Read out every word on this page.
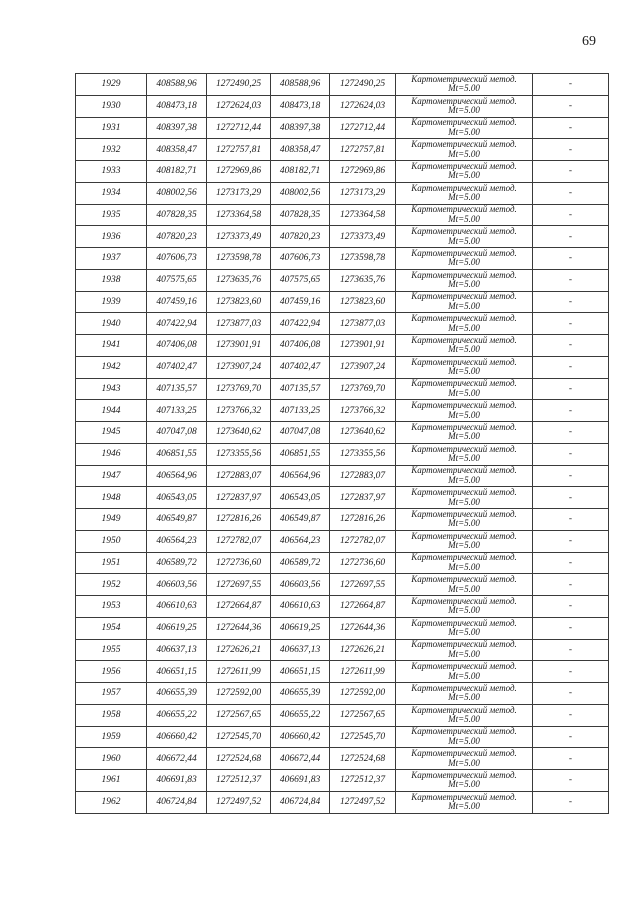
69
1929	408588,96	1272490,25	408588,96	1272490,25	Картометрический метод.
Mt=5.00	-
1930	408473,18	1272624,03	408473,18	1272624,03	Картометрический метод.
Mt=5.00	-
1931	408397,38	1272712,44	408397,38	1272712,44	Картометрический метод.
Mt=5.00	-
1932	408358,47	1272757,81	408358,47	1272757,81	Картометрический метод.
Mt=5.00	-
1933	408182,71	1272969,86	408182,71	1272969,86	Картометрический метод.
Mt=5.00	-
1934	408002,56	1273173,29	408002,56	1273173,29	Картометрический метод.
Mt=5.00	-
1935	407828,35	1273364,58	407828,35	1273364,58	Картометрический метод.
Mt=5.00	-
1936	407820,23	1273373,49	407820,23	1273373,49	Картометрический метод.
Mt=5.00	-
1937	407606,73	1273598,78	407606,73	1273598,78	Картометрический метод.
Mt=5.00	-
1938	407575,65	1273635,76	407575,65	1273635,76	Картометрический метод.
Mt=5.00	-
1939	407459,16	1273823,60	407459,16	1273823,60	Картометрический метод.
Mt=5.00	-
1940	407422,94	1273877,03	407422,94	1273877,03	Картометрический метод.
Mt=5.00	-
1941	407406,08	1273901,91	407406,08	1273901,91	Картометрический метод.
Mt=5.00	-
1942	407402,47	1273907,24	407402,47	1273907,24	Картометрический метод.
Mt=5.00	-
1943	407135,57	1273769,70	407135,57	1273769,70	Картометрический метод.
Mt=5.00	-
1944	407133,25	1273766,32	407133,25	1273766,32	Картометрический метод.
Mt=5.00	-
1945	407047,08	1273640,62	407047,08	1273640,62	Картометрический метод.
Mt=5.00	-
1946	406851,55	1273355,56	406851,55	1273355,56	Картометрический метод.
Mt=5.00	-
1947	406564,96	1272883,07	406564,96	1272883,07	Картометрический метод.
Mt=5.00	-
1948	406543,05	1272837,97	406543,05	1272837,97	Картометрический метод.
Mt=5.00	-
1949	406549,87	1272816,26	406549,87	1272816,26	Картометрический метод.
Mt=5.00	-
1950	406564,23	1272782,07	406564,23	1272782,07	Картометрический метод.
Mt=5.00	-
1951	406589,72	1272736,60	406589,72	1272736,60	Картометрический метод.
Mt=5.00	-
1952	406603,56	1272697,55	406603,56	1272697,55	Картометрический метод.
Mt=5.00	-
1953	406610,63	1272664,87	406610,63	1272664,87	Картометрический метод.
Mt=5.00	-
1954	406619,25	1272644,36	406619,25	1272644,36	Картометрический метод.
Mt=5.00	-
1955	406637,13	1272626,21	406637,13	1272626,21	Картометрический метод.
Mt=5.00	-
1956	406651,15	1272611,99	406651,15	1272611,99	Картометрический метод.
Mt=5.00	-
1957	406655,39	1272592,00	406655,39	1272592,00	Картометрический метод.
Mt=5.00	-
1958	406655,22	1272567,65	406655,22	1272567,65	Картометрический метод.
Mt=5.00	-
1959	406660,42	1272545,70	406660,42	1272545,70	Картометрический метод.
Mt=5.00	-
1960	406672,44	1272524,68	406672,44	1272524,68	Картометрический метод.
Mt=5.00	-
1961	406691,83	1272512,37	406691,83	1272512,37	Картометрический метод.
Mt=5.00	-
1962	406724,84	1272497,52	406724,84	1272497,52	Картометрический метод.
Mt=5.00	-
